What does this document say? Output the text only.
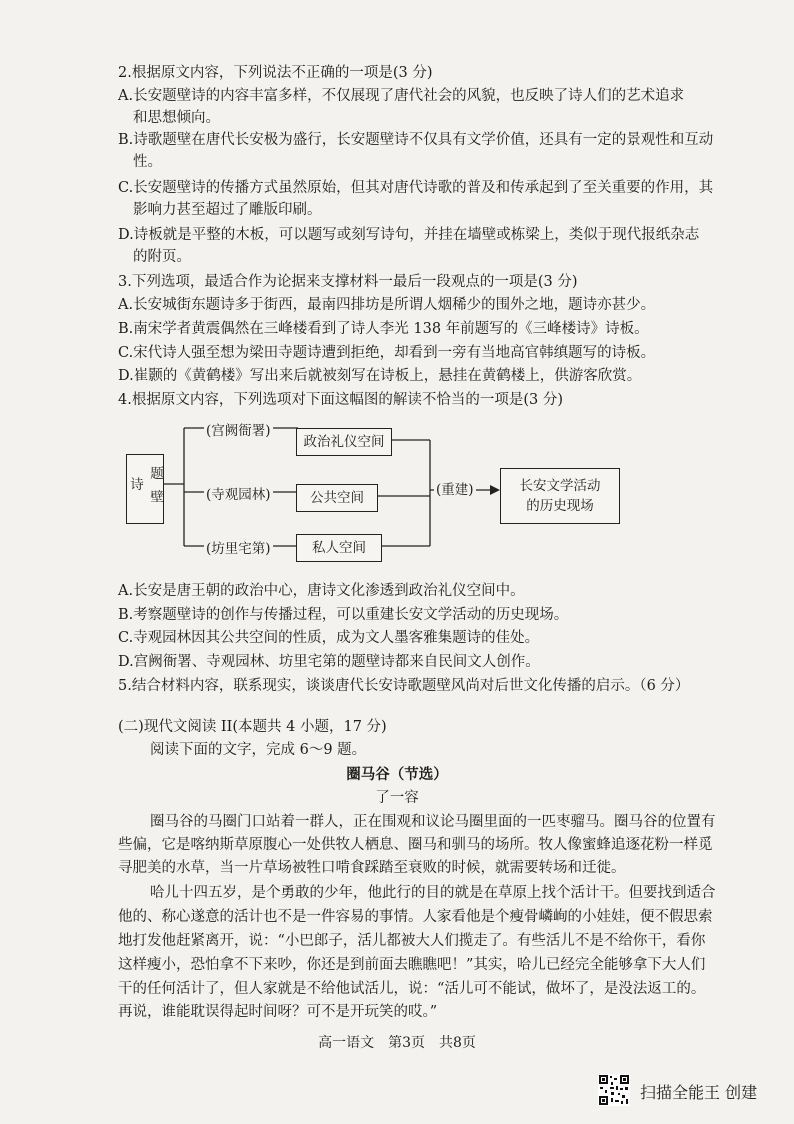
2.根据原文内容，下列说法不正确的一项是(3 分)
A.长安题壁诗的内容丰富多样，不仅展现了唐代社会的风貌，也反映了诗人们的艺术追求
和思想倾向。
B.诗歌题壁在唐代长安极为盛行，长安题壁诗不仅具有文学价值，还具有一定的景观性和互动
性。
C.长安题壁诗的传播方式虽然原始，但其对唐代诗歌的普及和传承起到了至关重要的作用，其
影响力甚至超过了雕版印刷。
D.诗板就是平整的木板，可以题写或刻写诗句，并挂在墙壁或栋梁上，类似于现代报纸杂志
的附页。
3.下列选项，最适合作为论据来支撑材料一最后一段观点的一项是(3 分)
A.长安城街东题诗多于街西，最南四排坊是所谓人烟稀少的围外之地，题诗亦甚少。
B.南宋学者黄震偶然在三峰楼看到了诗人李光 138 年前题写的《三峰楼诗》诗板。
C.宋代诗人强至想为梁田寺题诗遭到拒绝，却看到一旁有当地高官韩缜题写的诗板。
D.崔颢的《黄鹤楼》写出来后就被刻写在诗板上，悬挂在黄鹤楼上，供游客欣赏。
4.根据原文内容，下列选项对下面这幅图的解读不恰当的一项是(3 分)
题壁诗
(宫阙衙署)
(寺观园林)
(坊里宅第)
政治礼仪空间
公共空间
私人空间
(重建)	长安文学活动
的历史现场
A.长安是唐王朝的政治中心，唐诗文化渗透到政治礼仪空间中。
B.考察题壁诗的创作与传播过程，可以重建长安文学活动的历史现场。
C.寺观园林因其公共空间的性质，成为文人墨客雅集题诗的佳处。
D.宫阙衙署、寺观园林、坊里宅第的题壁诗都来自民间文人创作。
5.结合材料内容，联系现实，谈谈唐代长安诗歌题壁风尚对后世文化传播的启示。（6 分）
(二)现代文阅读 II(本题共 4 小题，17 分)
阅读下面的文字，完成 6～9 题。
圈马谷（节选）
了一容
圈马谷的马圈门口站着一群人，正在围观和议论马圈里面的一匹枣骝马。圈马谷的位置有
些偏，它是喀纳斯草原腹心一处供牧人栖息、圈马和驯马的场所。牧人像蜜蜂追逐花粉一样觅
寻肥美的水草，当一片草场被牲口啃食踩踏至衰败的时候，就需要转场和迁徙。
哈儿十四五岁，是个勇敢的少年，他此行的目的就是在草原上找个活计干。但要找到适合
他的、称心遂意的活计也不是一件容易的事情。人家看他是个瘦骨嶙峋的小娃娃，便不假思索
地打发他赶紧离开，说：“小巴郎子，活儿都被大人们揽走了。有些活儿不是不给你干，看你
这样瘦小，恐怕拿不下来吵，你还是到前面去瞧瞧吧！”其实，哈儿已经完全能够拿下大人们
干的任何活计了，但人家就是不给他试活儿，说：“活儿可不能试，做坏了，是没法返工的。
再说，谁能耽误得起时间呀？可不是开玩笑的哎。”
高一语文　第3页　共8页
扫描全能王 创建
